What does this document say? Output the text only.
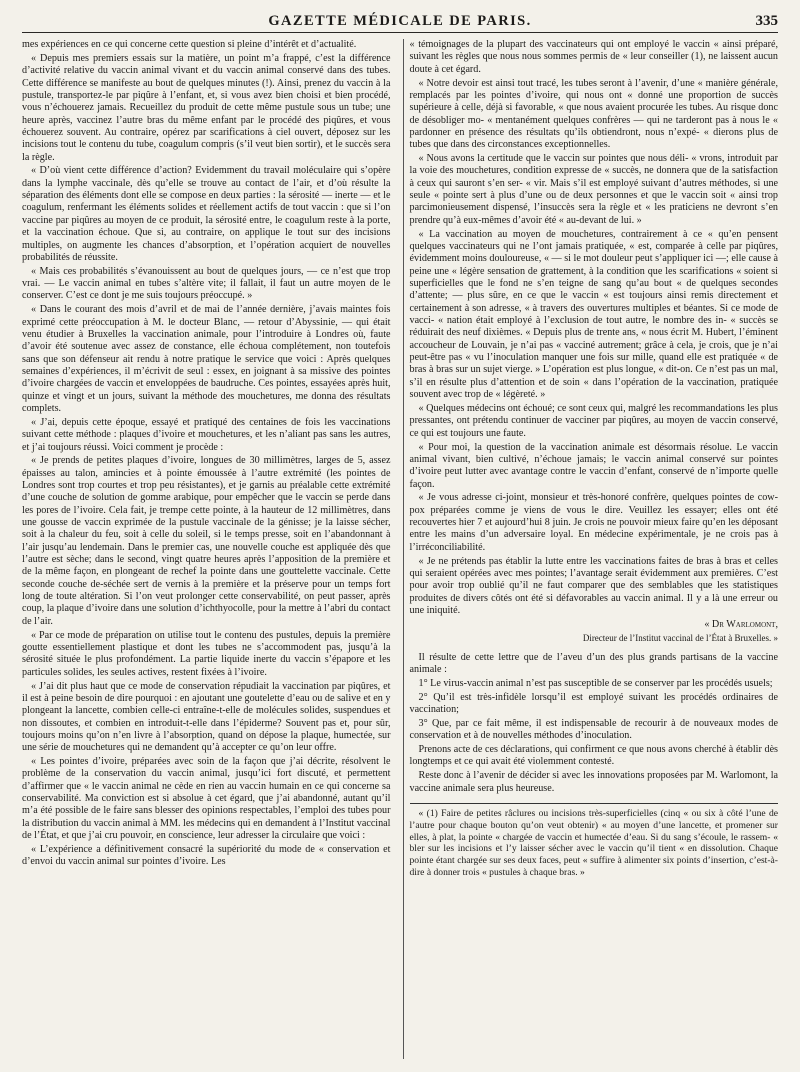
GAZETTE MÉDICALE DE PARIS.	335

mes expériences en ce qui concerne cette question si pleine d’intérêt et d’actualité.

« Depuis mes premiers essais sur la matière, un point m’a frappé, c’est la différence d’activité relative du vaccin animal vivant et du vaccin animal conservé dans des tubes. Cette différence se manifeste au bout de quelques minutes (!). Ainsi, prenez du vaccin à la pustule, transportez-le par piqûre à l’enfant, et, si vous avez bien choisi et bien procédé, vous n’échouerez jamais. Recueillez du produit de cette même pustule sous un tube; une heure après, vaccinez l’autre bras du même enfant par le procédé des piqûres, et vous échouerez souvent. Au contraire, opérez par scarifications à ciel ouvert, déposez sur les incisions tout le contenu du tube, coagulum compris (s’il veut bien sortir), et le succès sera la règle.

« D’où vient cette différence d’action? Evidemment du travail moléculaire qui s’opère dans la lymphe vaccinale, dès qu’elle se trouve au contact de l’air, et d’où résulte la séparation des éléments dont elle se compose en deux parties : la sérosité — inerte — et le coagulum, renfermant les éléments solides et réellement actifs de tout vaccin : que si l’on vaccine par piqûres au moyen de ce produit, la sérosité entre, le coagulum reste à la porte, et la vaccination échoue. Que si, au contraire, on applique le tout sur des incisions multiples, on augmente les chances d’absorption, et l’opération acquiert de nouvelles probabilités de réussite.

« Mais ces probabilités s’évanouissent au bout de quelques jours, — ce n’est que trop vrai. — Le vaccin animal en tubes s’altère vite; il fallait, il faut un autre moyen de le conserver. C’est ce dont je me suis toujours préoccupé. »

« Dans le courant des mois d’avril et de mai de l’année dernière, j’avais maintes fois exprimé cette préoccupation à M. le docteur Blanc, — retour d’Abyssinie, — qui était venu étudier à Bruxelles la vaccination animale, pour l’introduire à Londres où, faute d’avoir été soutenue avec assez de constance, elle échoua complétement, non toutefois sans que son défenseur ait rendu à notre pratique le service que voici : Après quelques semaines d’expériences, il m’écrivit de seul : essex, en joignant à sa missive des pointes d’ivoire chargées de vaccin et enveloppées de baudruche. Ces pointes, essayées après huit, quinze et vingt et un jours, suivant la méthode des mouchetures, me donna des résultats complets.

« J’ai, depuis cette époque, essayé et pratiqué des centaines de fois les vaccinations suivant cette méthode : plaques d’ivoire et mouchetures, et les n’aliant pas sans les autres, et j’ai toujours réussi. Voici comment je procède :

« Je prends de petites plaques d’ivoire, longues de 30 millimètres, larges de 5, assez épaisses au talon, amincies et à pointe émoussée à l’autre extrémité (les pointes de Londres sont trop courtes et trop peu résistantes), et je garnis au préalable cette extrémité d’une couche de solution de gomme arabique, pour empêcher que le vaccin se perde dans les pores de l’ivoire. Cela fait, je trempe cette pointe, à la hauteur de 12 millimètres, dans une gousse de vaccin exprimée de la pustule vaccinale de la génisse; je la laisse sécher, soit à la chaleur du feu, soit à celle du soleil, si le temps presse, soit en l’abandonnant à l’air jusqu’au lendemain. Dans le premier cas, une nouvelle couche est appliquée dès que l’autre est sèche; dans le second, vingt quatre heures après l’apposition de la première et de la même façon, en plongeant de rechef la pointe dans une gouttelette vaccinale. Cette seconde couche de-séchée sert de vernis à la première et la préserve pour un temps fort long de toute altération. Si l’on veut prolonger cette conservabilité, on peut passer, après coup, la plaque d’ivoire dans une solution d’ichthyocolle, pour la mettre à l’abri du contact de l’air.

« Par ce mode de préparation on utilise tout le contenu des pustules, depuis la première goutte essentiellement plastique et dont les tubes ne s’accommodent pas, jusqu’à la sérosité située le plus profondément. La partie liquide inerte du vaccin s’épapore et les particules solides, les seules actives, restent fixées à l’ivoire.

« J’ai dit plus haut que ce mode de conservation répudiait la vaccination par piqûres, et il est à peine besoin de dire pourquoi : en ajoutant une goutelette d’eau ou de salive et en y plongeant la lancette, combien celle-ci entraîne-t-elle de molécules solides, suspendues et non dissoutes, et combien en introduit-t-elle dans l’épiderme? Souvent pas et, pour sûr, toujours moins qu’on n’en livre à l’absorption, quand on dépose la plaque, humectée, sur une série de mouchetures qui ne demandent qu’à accepter ce qu’on leur offre.

« Les pointes d’ivoire, préparées avec soin de la façon que j’ai décrite, résolvent le problème de la conservation du vaccin animal, jusqu’ici fort discuté, et permettent d’affirmer que « le vaccin animal ne cède en rien au vaccin humain en ce qui concerne sa conservabilité. Ma conviction est si absolue à cet égard, que j’ai abandonné, autant qu’il m’a été possible de le faire sans blesser des opinions respectables, l’emploi des tubes pour la distribution du vaccin animal à MM. les médecins qui en demandent à l’Institut vaccinal de l’État, et que j’ai cru pouvoir, en conscience, leur adresser la circulaire que voici :

« L’expérience a définitivement consacré la supériorité du mode de « conservation et d’envoi du vaccin animal sur pointes d’ivoire. Les

« témoignages de la plupart des vaccinateurs qui ont employé le vaccin « ainsi préparé, suivant les règles que nous nous sommes permis de « leur conseiller (1), ne laissent aucun doute à cet égard.

« Notre devoir est ainsi tout tracé, les tubes seront à l’avenir, d’une « manière générale, remplacés par les pointes d’ivoire, qui nous ont « donné une proportion de succès supérieure à celle, déjà si favorable, « que nous avaient procurée les tubes. Au risque donc de désobliger mo- « mentanément quelques confrères — qui ne tarderont pas à nous le « pardonner en présence des résultats qu’ils obtiendront, nous n’expé- « dierons plus de tubes que dans des circonstances exceptionnelles.

« Nous avons la certitude que le vaccin sur pointes que nous déli- « vrons, introduit par la voie des mouchetures, condition expresse de « succès, ne donnera que de la satisfaction à ceux qui sauront s’en ser- « vir. Mais s’il est employé suivant d’autres méthodes, si une seule « pointe sert à plus d’une ou de deux personnes et que le vaccin soit « ainsi trop parcimonieusement dispensé, l’insuccès sera la règle et « les praticiens ne devront s’en prendre qu’à eux-mêmes d’avoir été « au-devant de lui. »

« La vaccination au moyen de mouchetures, contrairement à ce « qu’en pensent quelques vaccinateurs qui ne l’ont jamais pratiquée, « est, comparée à celle par piqûres, évidemment moins douloureuse, « — si le mot douleur peut s’appliquer ici —; elle cause à peine une « légère sensation de grattement, à la condition que les scarifications « soient si superficielles que le fond ne s’en teigne de sang qu’au bout « de quelques secondes d’attente; — plus sûre, en ce que le vaccin « est toujours ainsi remis directement et certainement à son adresse, « à travers des ouvertures multiples et béantes. Si ce mode de vacci- « nation était employé à l’exclusion de tout autre, le nombre des in- « succès se réduirait des neuf dixièmes. « Depuis plus de trente ans, « nous écrit M. Hubert, l’éminent accoucheur de Louvain, je n’ai pas « vacciné autrement; grâce à cela, je crois, que je n’ai peut-être pas « vu l’inoculation manquer une fois sur mille, quand elle est pratiquée « de bras à bras sur un sujet vierge. » L’opération est plus longue, « dit-on. Ce n’est pas un mal, s’il en résulte plus d’attention et de soin « dans l’opération de la vaccination, pratiquée souvent avec trop de « légèreté. »

« Quelques médecins ont échoué; ce sont ceux qui, malgré les recommandations les plus pressantes, ont prétendu continuer de vacciner par piqûres, au moyen de vaccin conservé, ce qui est toujours une faute.

« Pour moi, la question de la vaccination animale est désormais résolue. Le vaccin animal vivant, bien cultivé, n’échoue jamais; le vaccin animal conservé sur pointes d’ivoire peut lutter avec avantage contre le vaccin d’enfant, conservé de n’importe quelle façon.

« Je vous adresse ci-joint, monsieur et très-honoré confrère, quelques pointes de cow-pox préparées comme je viens de vous le dire. Veuillez les essayer; elles ont été recouvertes hier 7 et aujourd’hui 8 juin. Je crois ne pouvoir mieux faire qu’en les déposant entre les mains d’un adversaire loyal. En médecine expérimentale, je ne crois pas à l’irréconciliabilité.

« Je ne prétends pas établir la lutte entre les vaccinations faites de bras à bras et celles qui seraient opérées avec mes pointes; l’avantage serait évidemment aux premières. C’est pour avoir trop oublié qu’il ne faut comparer que des semblables que les statistiques produites de divers côtés ont été si défavorables au vaccin animal. Il y a là une erreur ou une iniquité.

« Dr Warlomont,

Directeur de l’Institut vaccinal de l’État à Bruxelles. »

Il résulte de cette lettre que de l’aveu d’un des plus grands partisans de la vaccine animale :

1° Le virus-vaccin animal n’est pas susceptible de se conserver par les procédés usuels;

2° Qu’il est très-infidèle lorsqu’il est employé suivant les procédés ordinaires de vaccination;

3° Que, par ce fait même, il est indispensable de recourir à de nouveaux modes de conservation et à de nouvelles méthodes d’inoculation.

Prenons acte de ces déclarations, qui confirment ce que nous avons cherché à établir dès longtemps et ce qui avait été violemment contesté.

Reste donc à l’avenir de décider si avec les innovations proposées par M. Warlomont, la vaccine animale sera plus heureuse.

« (1) Faire de petites râclures ou incisions très-superficielles (cinq « ou six à côté l’une de l’autre pour chaque bouton qu’on veut obtenir) « au moyen d’une lancette, et promener sur elles, à plat, la pointe « chargée de vaccin et humectée d’eau. Si du sang s’écoule, le rassem- « bler sur les incisions et l’y laisser sécher avec le vaccin qu’il tient « en dissolution. Chaque pointe étant chargée sur ses deux faces, peut « suffire à alimenter six points d’insertion, c’est-à-dire à donner trois « pustules à chaque bras. »
